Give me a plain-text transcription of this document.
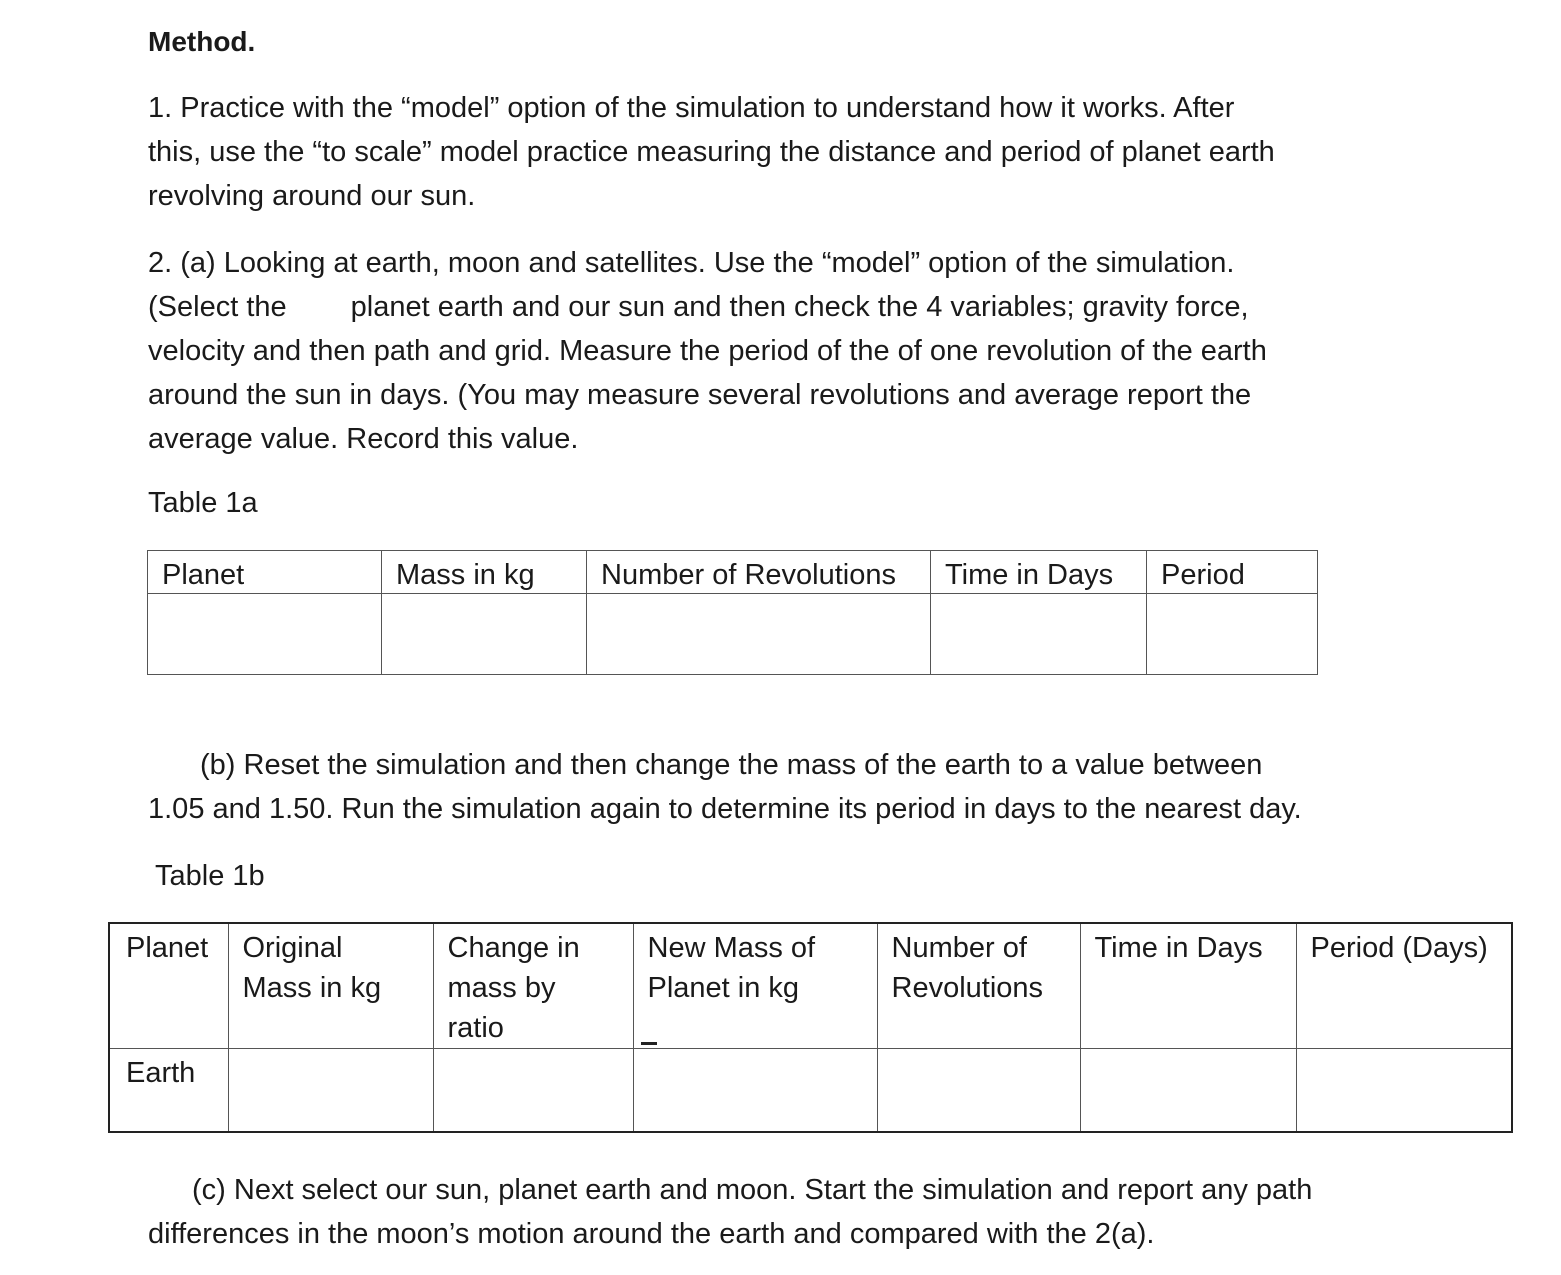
Method.
1. Practice with the “model” option of the simulation to understand how it works. After
this, use the “to scale” model practice measuring the distance and period of planet earth
revolving around our sun.
2. (a) Looking at earth, moon and satellites. Use the “model” option of the simulation.
(Select the planet earth and our sun and then check the 4 variables; gravity force,
velocity and then path and grid. Measure the period of the of one revolution of the earth
around the sun in days. (You may measure several revolutions and average report the
average value. Record this value.
Table 1a
Planet	Mass in kg	Number of Revolutions	Time in Days	Period

(b) Reset the simulation and then change the mass of the earth to a value between
1.05 and 1.50. Run the simulation again to determine its period in days to the nearest day.
Table 1b
Planet	Original Mass in kg	Change in mass by ratio	New Mass of Planet in kg	Number of Revolutions	Time in Days	Period (Days)
Earth						
(c) Next select our sun, planet earth and moon. Start the simulation and report any path
differences in the moon’s motion around the earth and compared with the 2(a).
